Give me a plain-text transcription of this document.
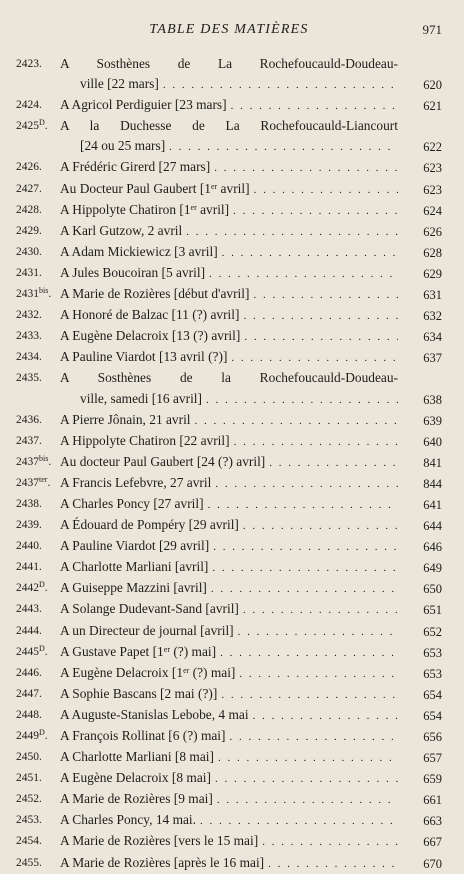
TABLE DES MATIÈRES	971
2423. A Sosthènes de La Rochefoucauld-Doudeau-
ville [22 mars] . . .	620
2424. A Agricol Perdiguier [23 mars] . . .	621
$2425^D$. A la Duchesse de La Rochefoucauld-Liancourt
[24 ou 25 mars] . . .	622
2426. A Frédéric Girerd [27 mars] . . .	623
2427. Au Docteur Paul Gaubert [1er avril] . . .	623
2428. A Hippolyte Chatiron [1er avril] . . .	624
2429. A Karl Gutzow, 2 avril . . .	626
2430. A Adam Mickiewicz [3 avril] . . .	628
2431. A Jules Boucoiran [5 avril] . . .	629
$2431^{bis}$. A Marie de Rozières [début d'avril] . . .	631
2432. A Honoré de Balzac [11 (?) avril] . . .	632
2433. A Eugène Delacroix [13 (?) avril] . . .	634
2434. A Pauline Viardot [13 avril (?)] . . .	637
2435. A Sosthènes de la Rochefoucauld-Doudeau-
ville, samedi [16 avril] . . .	638
2436. A Pierre Jônain, 21 avril . . .	639
2437. A Hippolyte Chatiron [22 avril] . . .	640
$2437^{bis}$. Au docteur Paul Gaubert [24 (?) avril] . . .	841
$2437^{ter}$. A Francis Lefebvre, 27 avril . . .	844
2438. A Charles Poncy [27 avril] . . .	641
2439. A Édouard de Pompéry [29 avril] . . .	644
2440. A Pauline Viardot [29 avril] . . .	646
2441. A Charlotte Marliani [avril] . . .	649
$2442^D$. A Guiseppe Mazzini [avril] . . .	650
2443. A Solange Dudevant-Sand [avril] . . .	651
2444. A un Directeur de journal [avril] . . .	652
$2445^D$. A Gustave Papet [1er (?) mai] . . .	653
2446. A Eugène Delacroix [1er (?) mai] . . .	653
2447. A Sophie Bascans [2 mai (?)] . . .	654
2448. A Auguste-Stanislas Lebobe, 4 mai . . .	654
$2449^D$. A François Rollinat [6 (?) mai] . . .	656
2450. A Charlotte Marliani [8 mai] . . .	657
2451. A Eugène Delacroix [8 mai] . . .	659
2452. A Marie de Rozières [9 mai] . . .	661
2453. A Charles Poncy, 14 mai. . . .	663
2454. A Marie de Rozières [vers le 15 mai] . . .	667
2455. A Marie de Rozières [après le 16 mai] . . .	670
